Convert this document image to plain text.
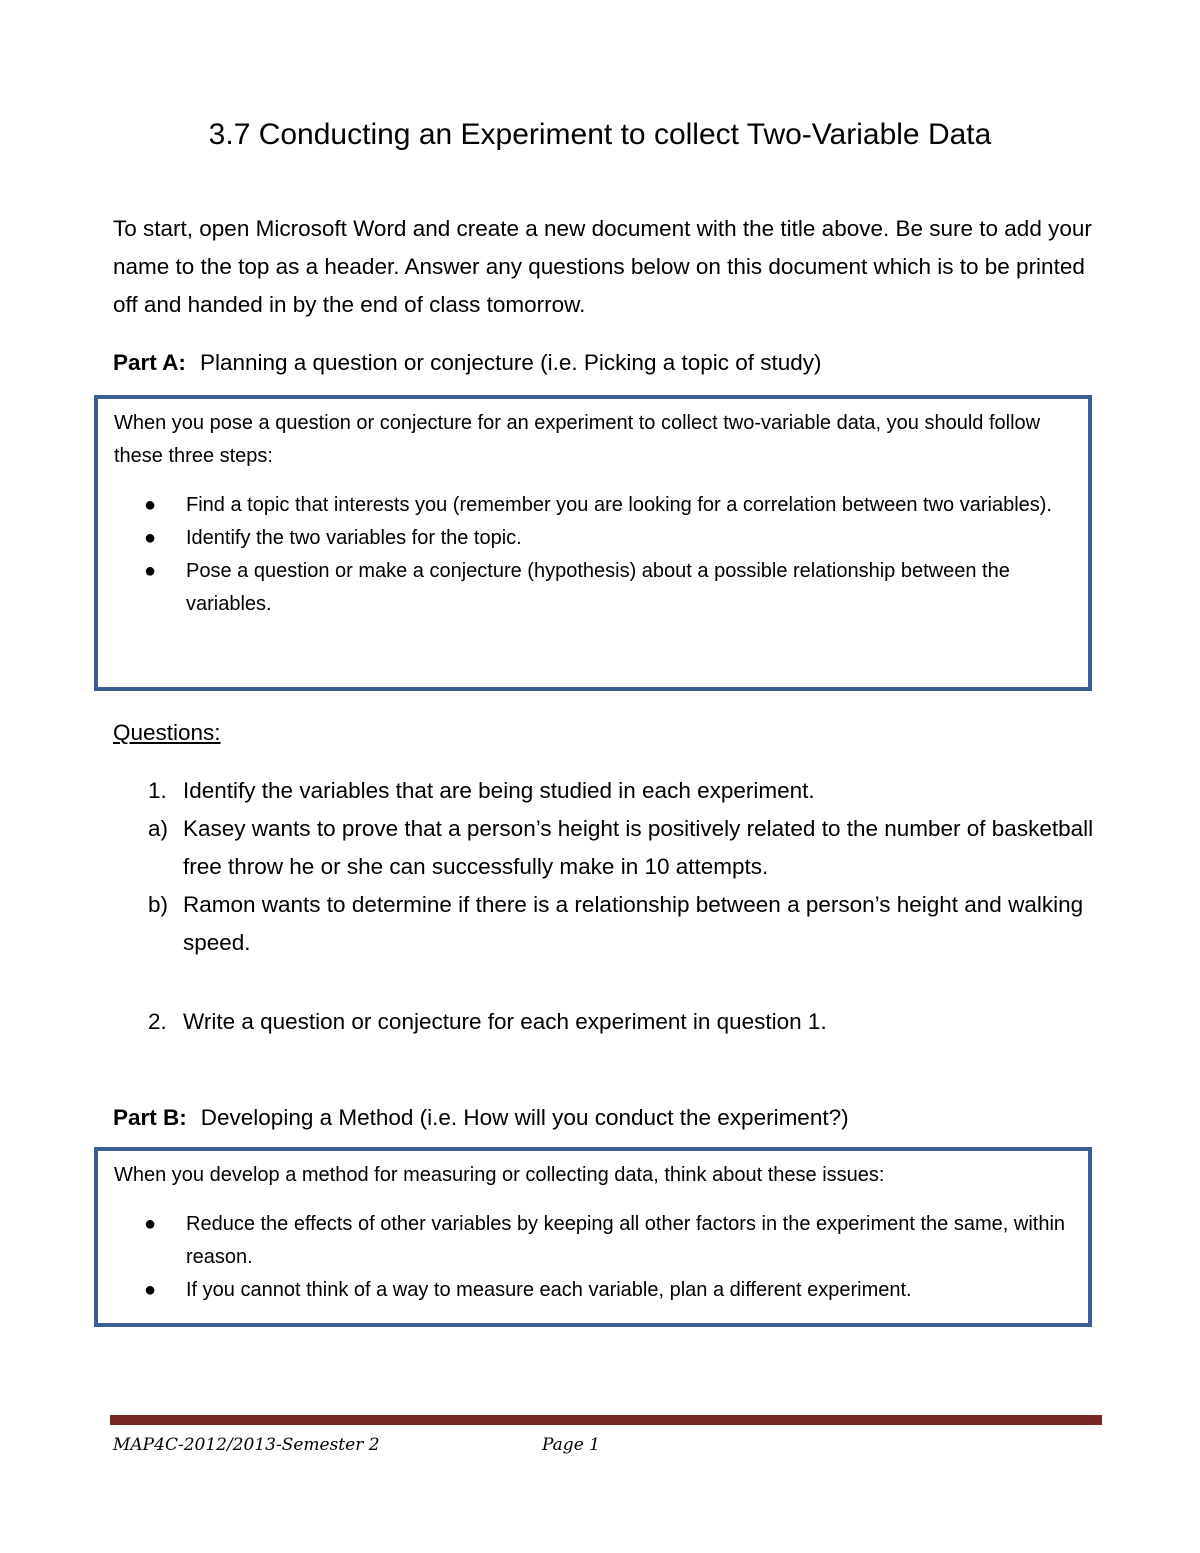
3.7 Conducting an Experiment to collect Two-Variable Data

To start, open Microsoft Word and create a new document with the title above. Be sure to add your name to the top as a header. Answer any questions below on this document which is to be printed off and handed in by the end of class tomorrow.

Part A: Planning a question or conjecture (i.e. Picking a topic of study)

When you pose a question or conjecture for an experiment to collect two-variable data, you should follow these three steps:

● Find a topic that interests you (remember you are looking for a correlation between two variables).
● Identify the two variables for the topic.
● Pose a question or make a conjecture (hypothesis) about a possible relationship between the variables.

Questions:

1. Identify the variables that are being studied in each experiment.

a) Kasey wants to prove that a person’s height is positively related to the number of basketball free throw he or she can successfully make in 10 attempts.

b) Ramon wants to determine if there is a relationship between a person’s height and walking speed.

2. Write a question or conjecture for each experiment in question 1.

Part B: Developing a Method (i.e. How will you conduct the experiment?)

When you develop a method for measuring or collecting data, think about these issues:

● Reduce the effects of other variables by keeping all other factors in the experiment the same, within reason.
● If you cannot think of a way to measure each variable, plan a different experiment.
MAP4C-2012/2013-Semester 2	Page 1
